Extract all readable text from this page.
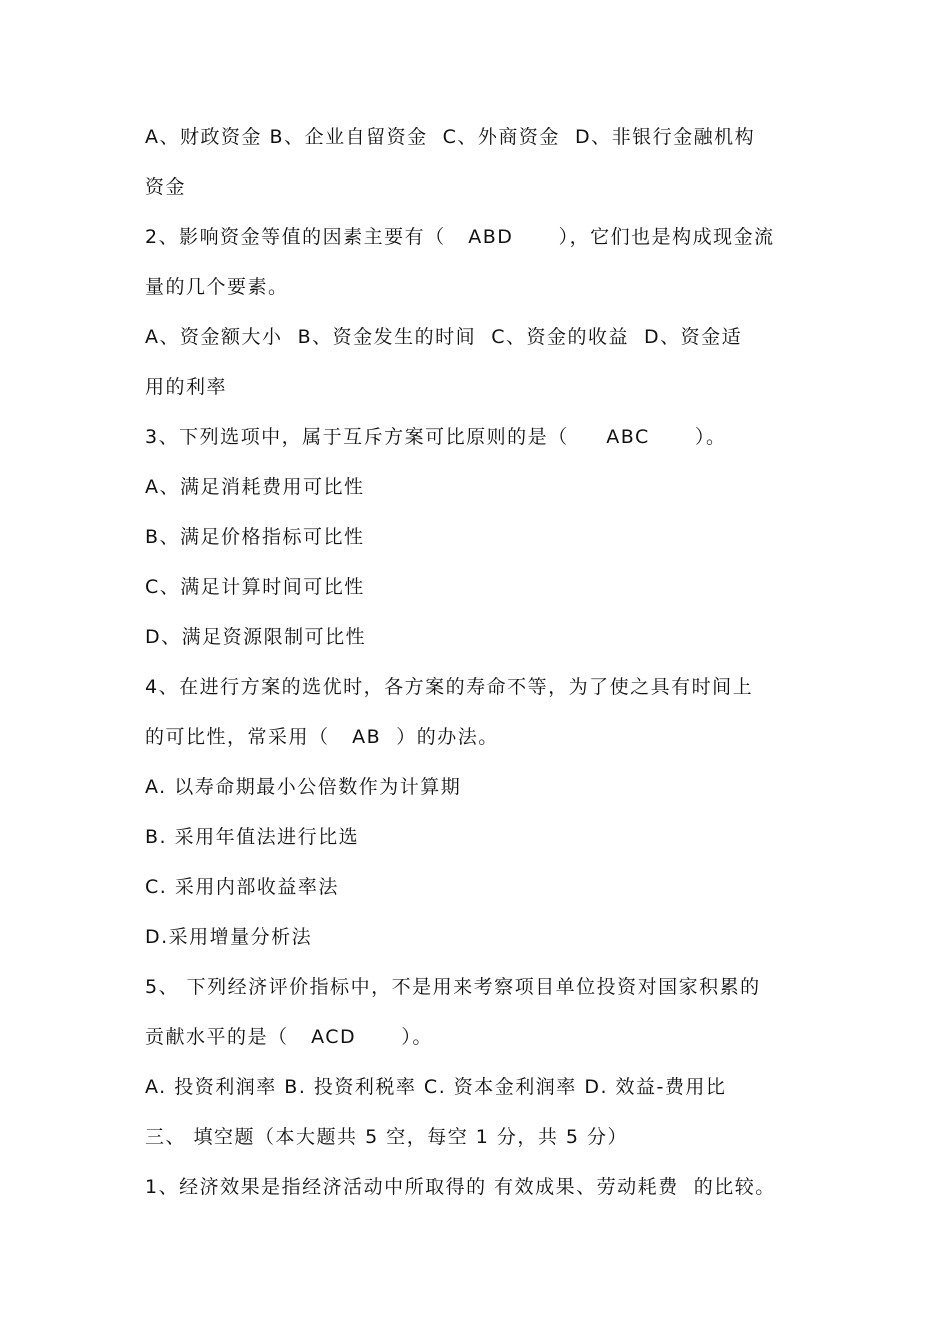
A、财政资金 B、企业自留资金  C、外商资金  D、非银行金融机构
资金
2、影响资金等值的因素主要有（   ABD      ），它们也是构成现金流
量的几个要素。
A、资金额大小  B、资金发生的时间  C、资金的收益  D、资金适
用的利率
3、下列选项中，属于互斥方案可比原则的是（     ABC      ）。
A、满足消耗费用可比性
B、满足价格指标可比性
C、满足计算时间可比性
D、满足资源限制可比性
4、在进行方案的选优时，各方案的寿命不等，为了使之具有时间上
的可比性，常采用（   AB  ）的办法。
A. 以寿命期最小公倍数作为计算期
B. 采用年值法进行比选
C. 采用内部收益率法
D.采用增量分析法
5、 下列经济评价指标中，不是用来考察项目单位投资对国家积累的
贡献水平的是（   ACD      ）。
A. 投资利润率 B. 投资利税率 C. 资本金利润率 D. 效益-费用比
三、 填空题（本大题共 5 空，每空 1 分，共 5 分）
1、经济效果是指经济活动中所取得的 有效成果、劳动耗费  的比较。
